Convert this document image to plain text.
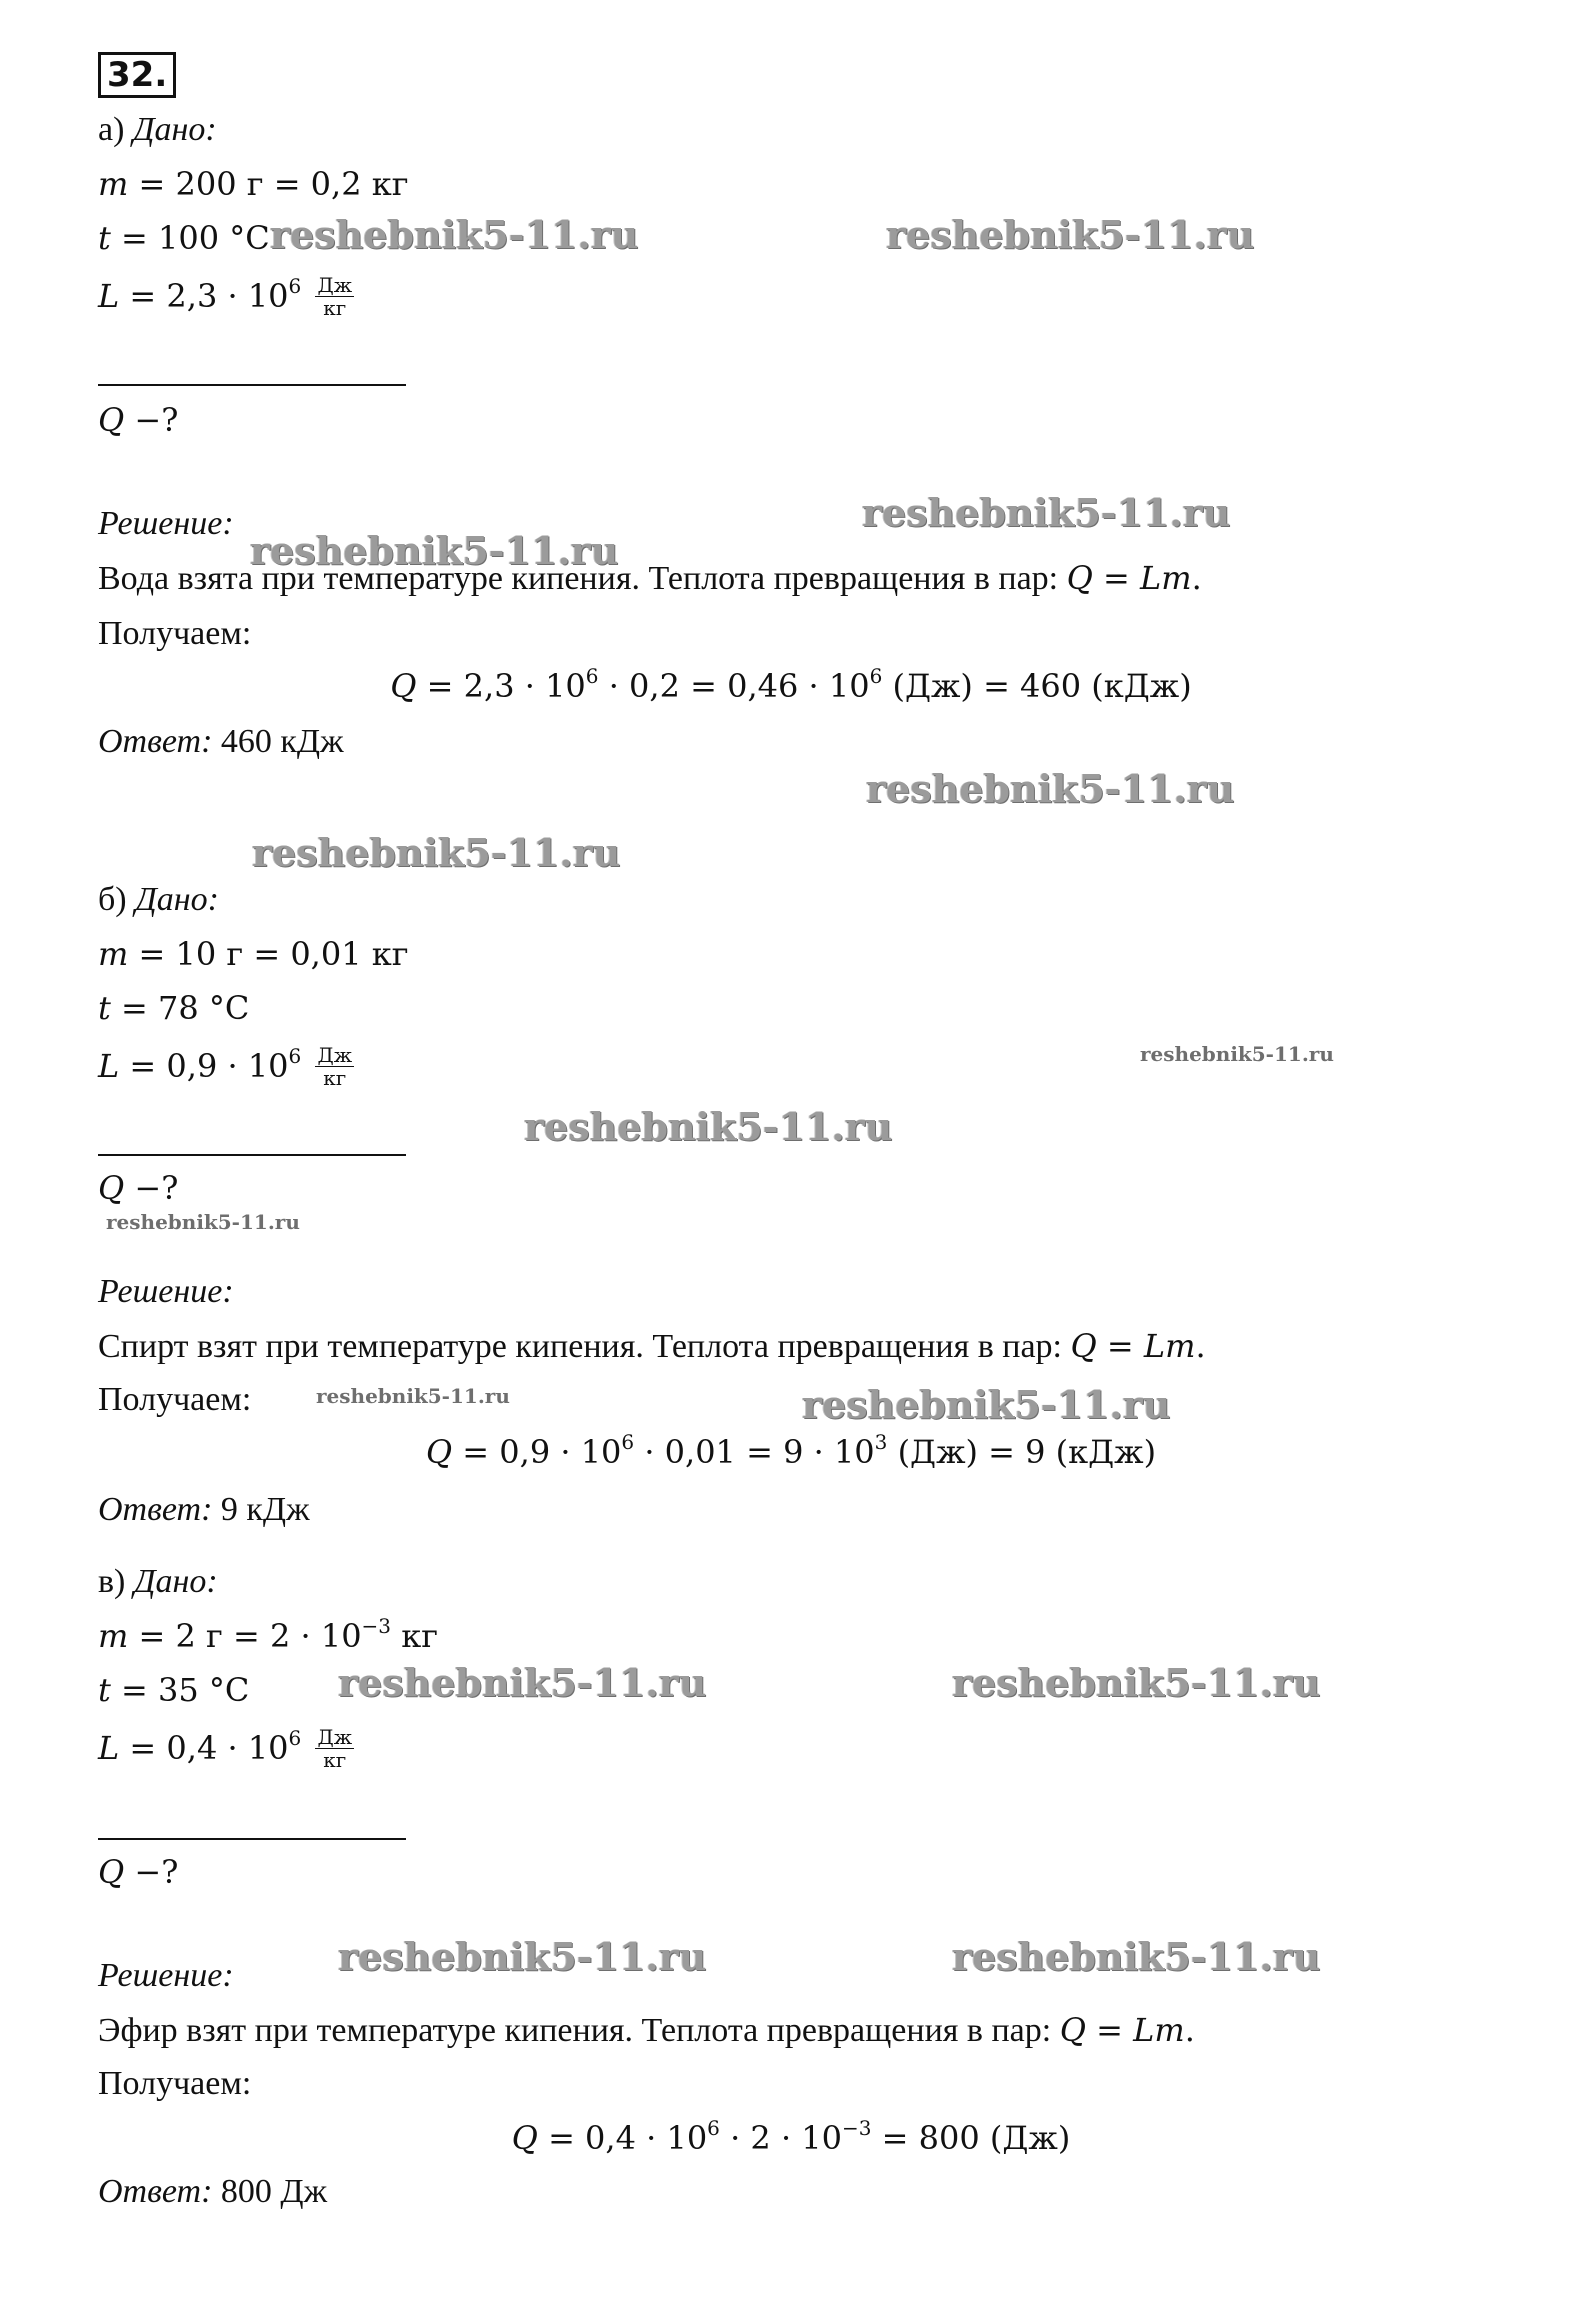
32.
а) Дано:
𝑚 = 200 г = 0,2 кг
𝑡 = 100 °C
𝐿 = $2,3 \cdot 10^6 \frac{Дж}{кг}$
𝑄 −?
Решение:
Вода взята при температуре кипения. Теплота превращения в пар: 𝑄 = 𝐿𝑚.
Получаем:
𝑄 = $2,3 \cdot 10^6 \cdot 0,2 = 0,46 \cdot 10^6$ (Дж) = 460 (кДж)
Ответ: 460 кДж
б) Дано:
𝑚 = 10 г = 0,01 кг
𝑡 = 78 °C
𝐿 = $0,9 \cdot 10^6 \frac{Дж}{кг}$
𝑄 −?
Решение:
Спирт взят при температуре кипения. Теплота превращения в пар: 𝑄 = 𝐿𝑚.
Получаем:
𝑄 = $0,9 \cdot 10^6 \cdot 0,01 = 9 \cdot 10^3$ (Дж) = 9 (кДж)
Ответ: 9 кДж
в) Дано:
𝑚 = 2 $г = 2 \cdot 10^{-3}$ кг
𝑡 = 35 °C
𝐿 = $0,4 \cdot 10^6 \frac{Дж}{кг}$
𝑄 −?
Решение:
Эфир взят при температуре кипения. Теплота превращения в пар: 𝑄 = 𝐿𝑚.
Получаем:
𝑄 = $0,4 \cdot 10^6 \cdot 2 \cdot 10^{-3} = 800$ (Дж)
Ответ: 800 Дж
reshebnik5-11.ru	reshebnik5-11.ru
reshebnik5-11.ru
reshebnik5-11.ru
reshebnik5-11.ru
reshebnik5-11.ru
reshebnik5-11.ru
reshebnik5-11.ru
reshebnik5-11.ru
reshebnik5-11.ru	reshebnik5-11.ru
reshebnik5-11.ru	reshebnik5-11.ru
reshebnik5-11.ru	reshebnik5-11.ru
